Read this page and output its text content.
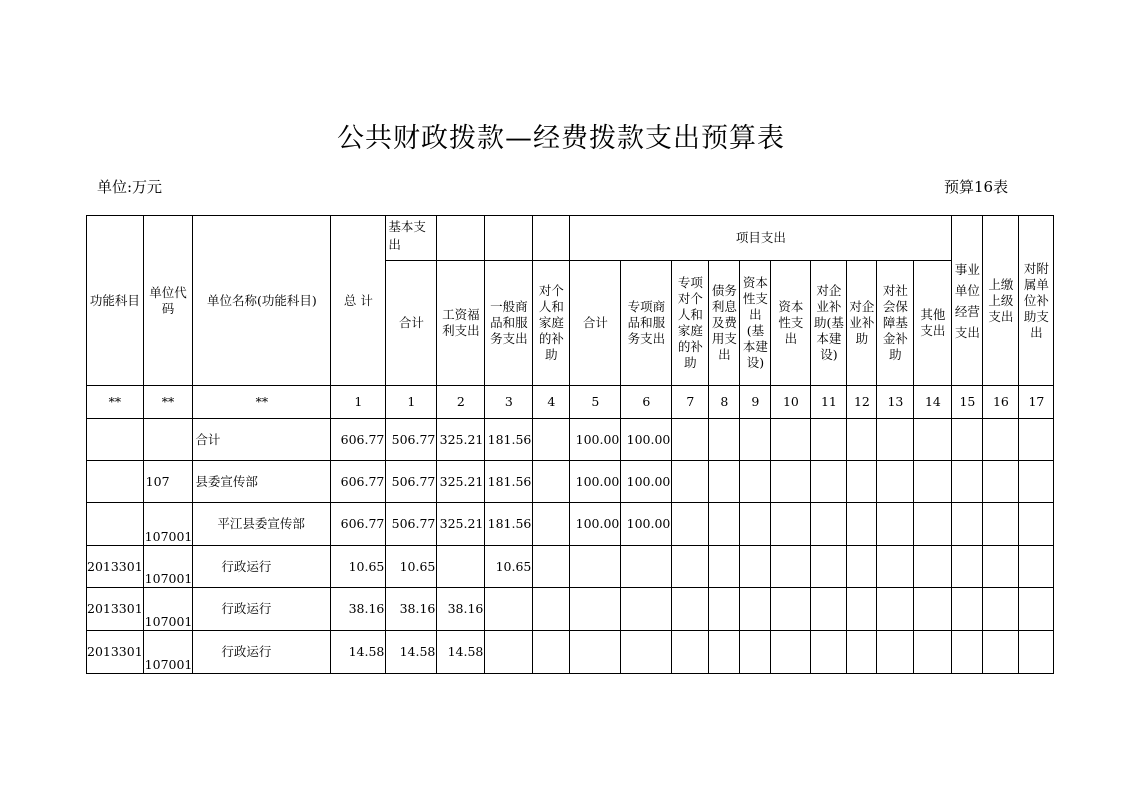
公共财政拨款—经费拨款支出预算表
单位:万元	预算16表
功能科目	单位代码	单位名称(功能科目)	总 计	基本支出				项目支出										事业单位经营支出	上缴上级支出	对附属单位补助支出
				合计	工资福利支出	一般商品和服务支出	对个人和家庭的补助	合计	专项商品和服务支出	专项对个人和家庭的补助	债务利息及费用支出	资本性支出(基本建设)	资本性支出	对企业补助(基本建设)	对企业补助	对社会保障基金补助	其他支出			
**	**	**	1	1	2	3	4	5	6	7	8	9	10	11	12	13	14	15	16	17
		合计	606.77	506.77	325.21	181.56		100.00	100.00											
	107	县委宣传部	606.77	506.77	325.21	181.56		100.00	100.00											
	107001	平江县委宣传部	606.77	506.77	325.21	181.56		100.00	100.00											
2013301	107001	行政运行	10.65	10.65		10.65														
2013301	107001	行政运行	38.16	38.16	38.16															
2013301	107001	行政运行	14.58	14.58	14.58															
